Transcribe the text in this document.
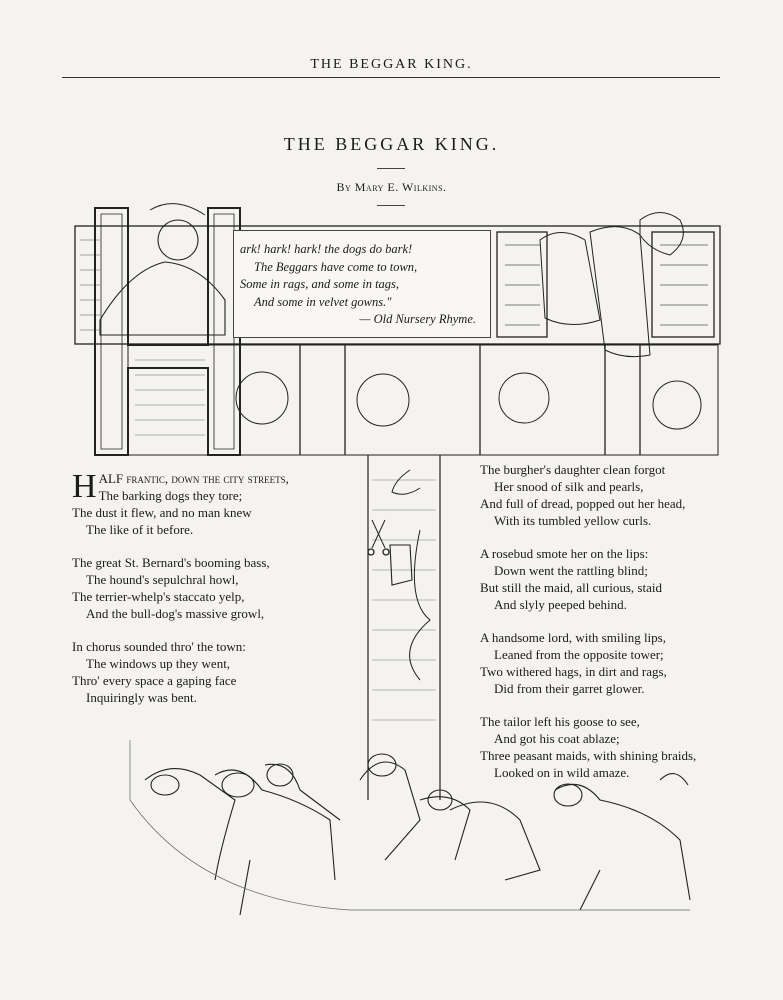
THE BEGGAR KING.
THE BEGGAR KING.
By Mary E. Wilkins.
ark! hark! hark! the dogs do bark!
The Beggars have come to town,
Some in rags, and some in tags,
And some in velvet gowns."
— Old Nursery Rhyme.
H ALF frantic, down the city streets,
The barking dogs they tore;
The dust it flew, and no man knew
The like of it before.
The great St. Bernard's booming bass,
The hound's sepulchral howl,
The terrier-whelp's staccato yelp,
And the bull-dog's massive growl,
In chorus sounded thro' the town:
The windows up they went,
Thro' every space a gaping face
Inquiringly was bent.
The burgher's daughter clean forgot
Her snood of silk and pearls,
And full of dread, popped out her head,
With its tumbled yellow curls.
A rosebud smote her on the lips:
Down went the rattling blind;
But still the maid, all curious, staid
And slyly peeped behind.
A handsome lord, with smiling lips,
Leaned from the opposite tower;
Two withered hags, in dirt and rags,
Did from their garret glower.
The tailor left his goose to see,
And got his coat ablaze;
Three peasant maids, with shining braids,
Looked on in wild amaze.
